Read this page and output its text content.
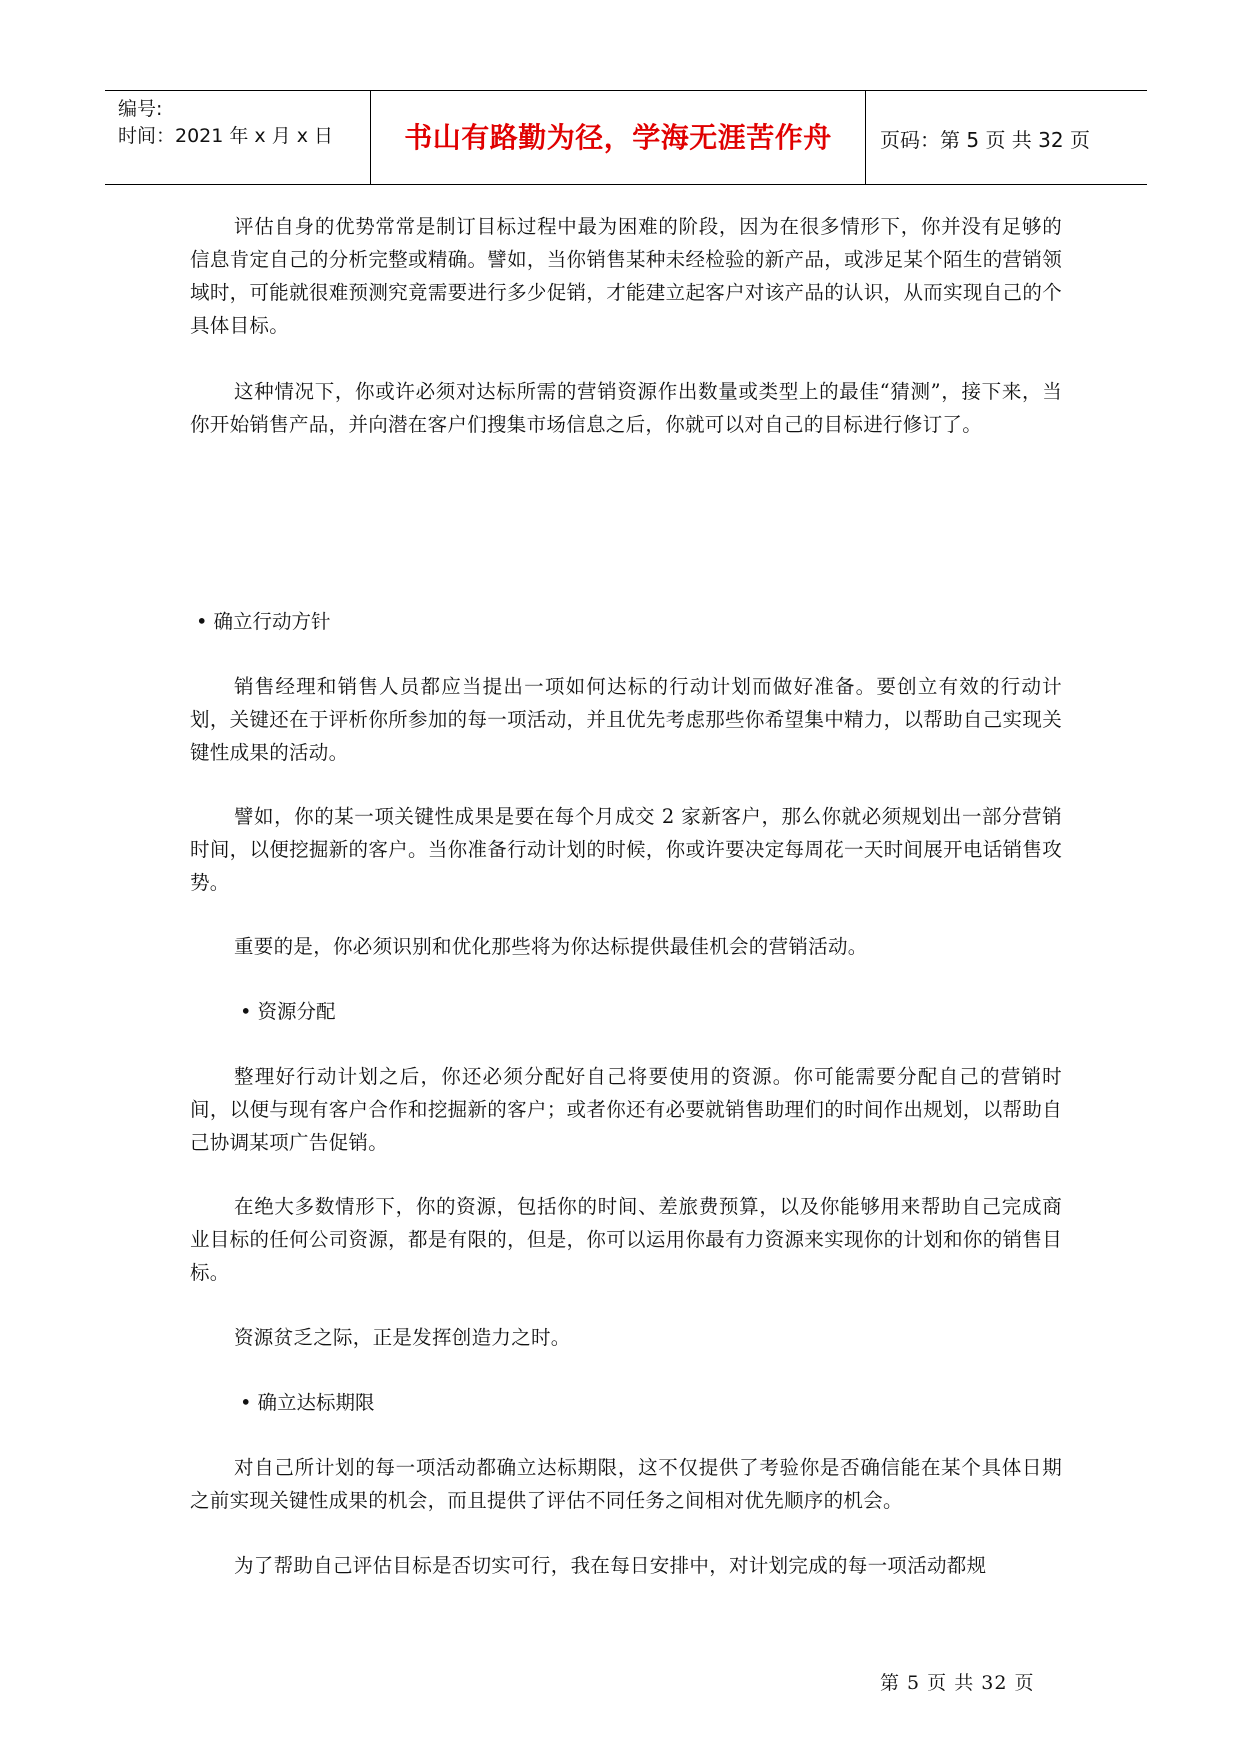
编号:
时间：2021 年 x 月 x 日	书山有路勤为径，学海无涯苦作舟	页码：第 5 页 共 32 页

评估自身的优势常常是制订目标过程中最为困难的阶段，因为在很多情形下，你并没有足够的信息肯定自己的分析完整或精确。譬如，当你销售某种未经检验的新产品，或涉足某个陌生的营销领域时，可能就很难预测究竟需要进行多少促销，才能建立起客户对该产品的认识，从而实现自己的个具体目标。

这种情况下，你或许必须对达标所需的营销资源作出数量或类型上的最佳“猜测”，接下来，当你开始销售产品，并向潜在客户们搜集市场信息之后，你就可以对自己的目标进行修订了。

• 确立行动方针

销售经理和销售人员都应当提出一项如何达标的行动计划而做好准备。要创立有效的行动计划，关键还在于评析你所参加的每一项活动，并且优先考虑那些你希望集中精力，以帮助自己实现关键性成果的活动。

譬如，你的某一项关键性成果是要在每个月成交 2 家新客户，那么你就必须规划出一部分营销时间，以便挖掘新的客户。当你准备行动计划的时候，你或许要决定每周花一天时间展开电话销售攻势。

重要的是，你必须识别和优化那些将为你达标提供最佳机会的营销活动。

• 资源分配

整理好行动计划之后，你还必须分配好自己将要使用的资源。你可能需要分配自己的营销时间，以便与现有客户合作和挖掘新的客户；或者你还有必要就销售助理们的时间作出规划，以帮助自己协调某项广告促销。

在绝大多数情形下，你的资源，包括你的时间、差旅费预算，以及你能够用来帮助自己完成商业目标的任何公司资源，都是有限的，但是，你可以运用你最有力资源来实现你的计划和你的销售目标。

资源贫乏之际，正是发挥创造力之时。

• 确立达标期限

对自己所计划的每一项活动都确立达标期限，这不仅提供了考验你是否确信能在某个具体日期之前实现关键性成果的机会，而且提供了评估不同任务之间相对优先顺序的机会。

为了帮助自己评估目标是否切实可行，我在每日安排中，对计划完成的每一项活动都规

第 5 页 共 32 页
